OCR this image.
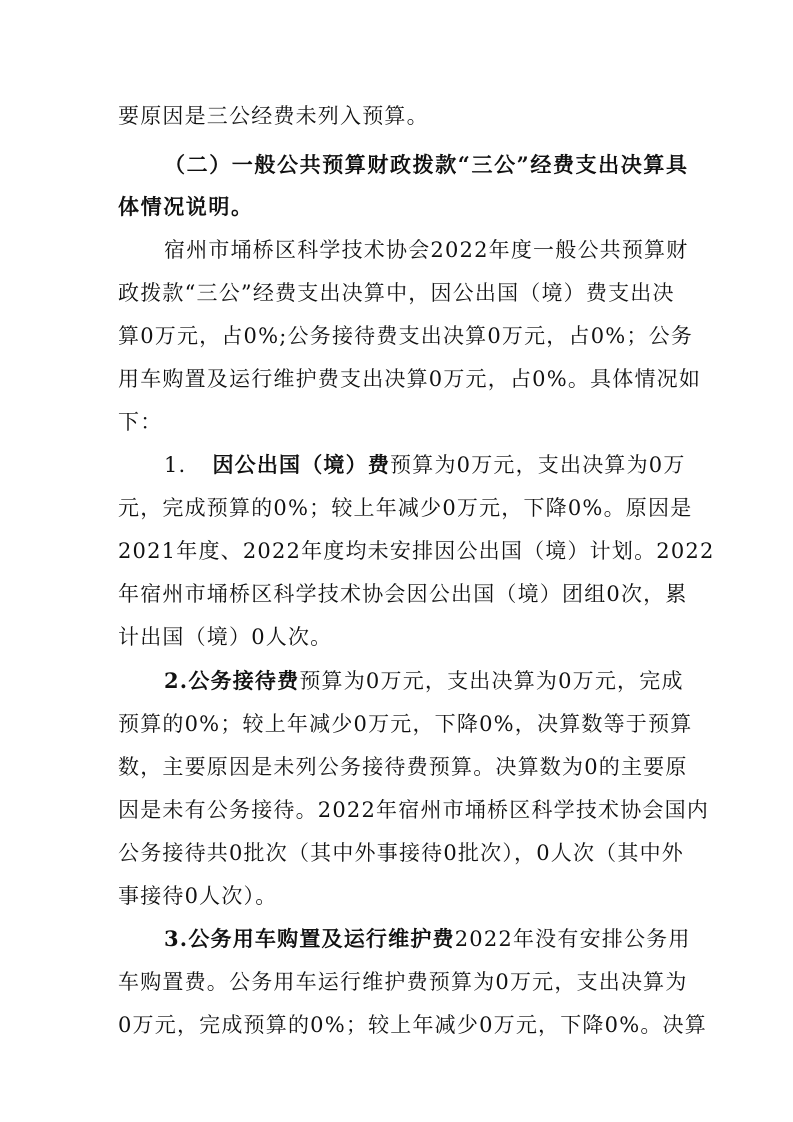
要原因是三公经费未列入预算。
（二）一般公共预算财政拨款“三公”经费支出决算具
体情况说明。
宿州市埇桥区科学技术协会2022年度一般公共预算财
政拨款“三公”经费支出决算中，因公出国（境）费支出决
算0万元，占0%;公务接待费支出决算0万元，占0%；公务
用车购置及运行维护费支出决算0万元，占0%。具体情况如
下：
1. 因公出国（境）费预算为0万元，支出决算为0万
元，完成预算的0%；较上年减少0万元，下降0%。原因是
2021年度、2022年度均未安排因公出国（境）计划。2022
年宿州市埇桥区科学技术协会因公出国（境）团组0次，累
计出国（境）0人次。
2.公务接待费预算为0万元，支出决算为0万元，完成
预算的0%；较上年减少0万元，下降0%，决算数等于预算
数，主要原因是未列公务接待费预算。决算数为0的主要原
因是未有公务接待。2022年宿州市埇桥区科学技术协会国内
公务接待共0批次（其中外事接待0批次），0人次（其中外
事接待0人次）。
3.公务用车购置及运行维护费2022年没有安排公务用
车购置费。公务用车运行维护费预算为0万元，支出决算为
0万元，完成预算的0%；较上年减少0万元，下降0%。决算
